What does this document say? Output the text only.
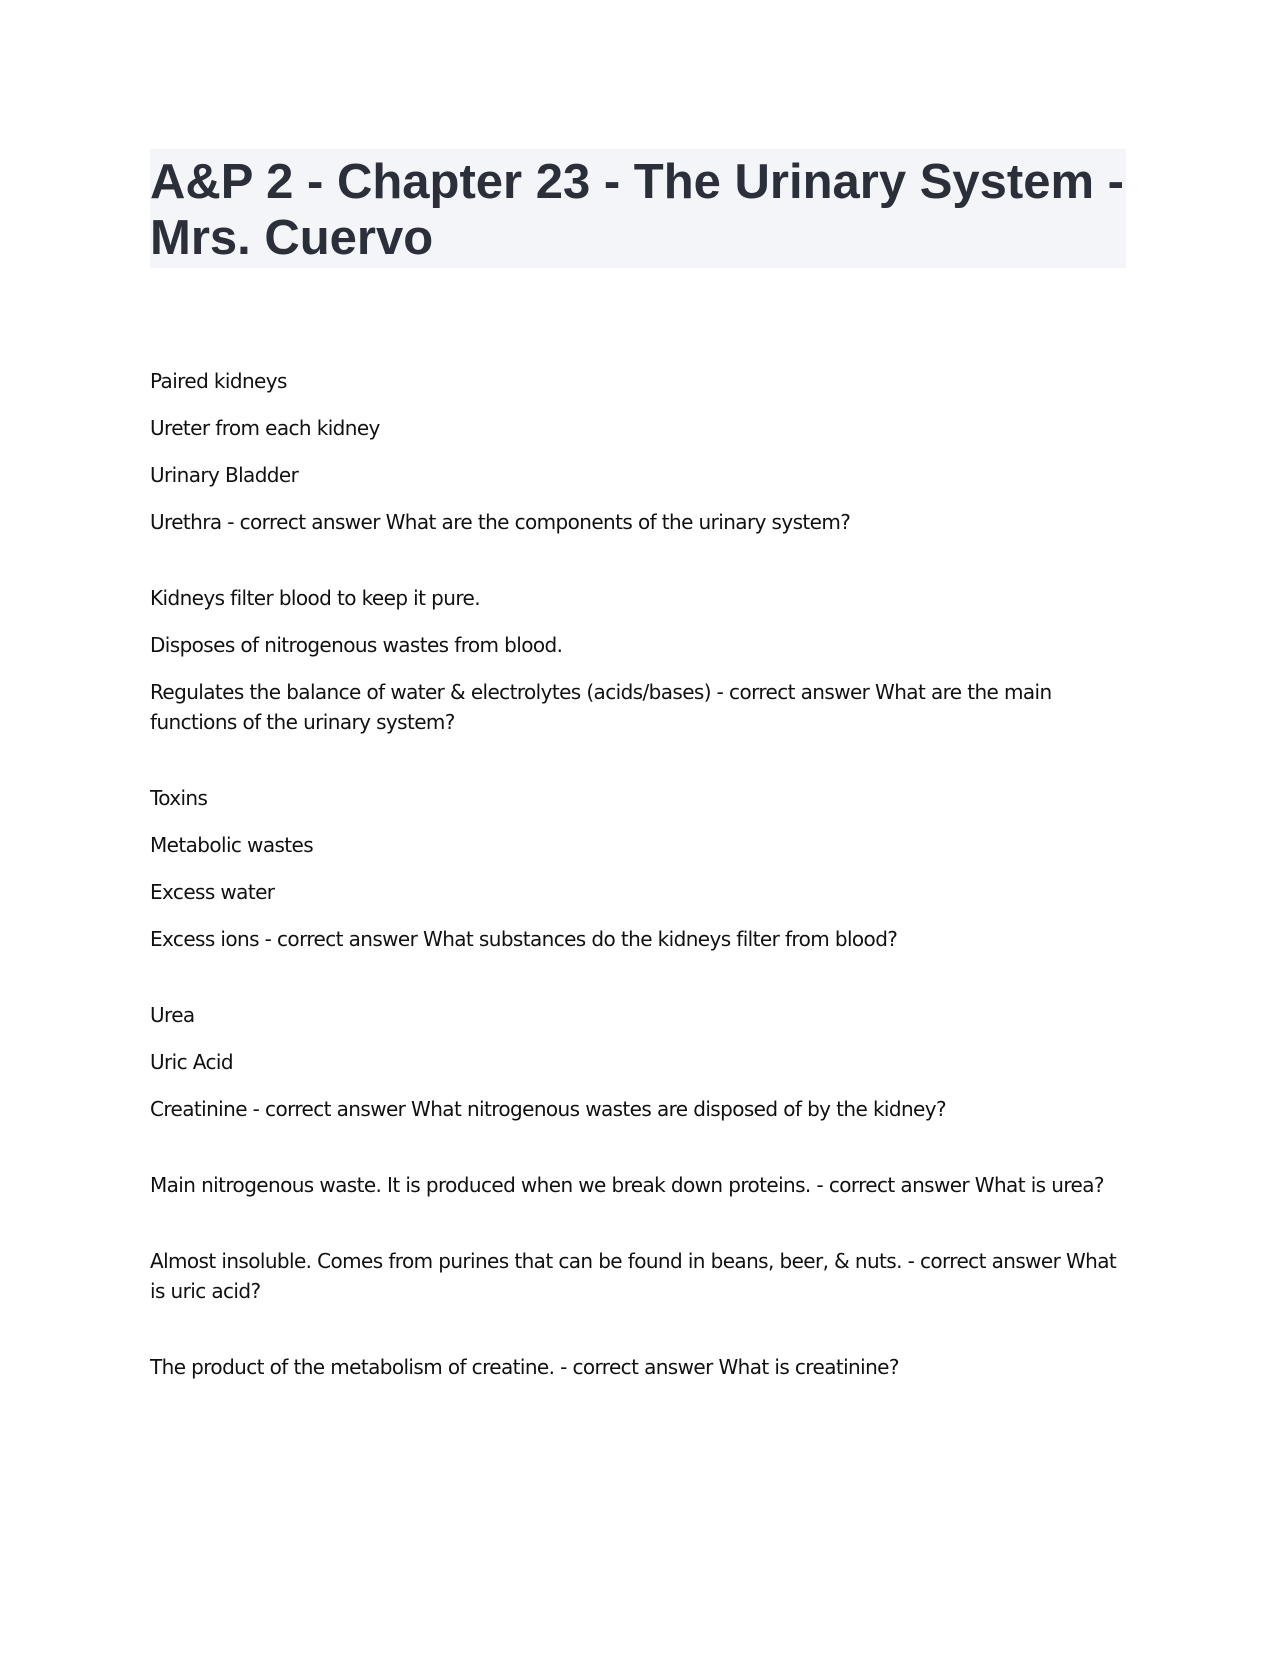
A&P 2 - Chapter 23 - The Urinary System - Mrs. Cuervo

Paired kidneys

Ureter from each kidney

Urinary Bladder

Urethra - correct answer What are the components of the urinary system?

Kidneys filter blood to keep it pure.

Disposes of nitrogenous wastes from blood.

Regulates the balance of water & electrolytes (acids/bases) - correct answer What are the main functions of the urinary system?

Toxins

Metabolic wastes

Excess water

Excess ions - correct answer What substances do the kidneys filter from blood?

Urea

Uric Acid

Creatinine - correct answer What nitrogenous wastes are disposed of by the kidney?

Main nitrogenous waste. It is produced when we break down proteins. - correct answer What is urea?

Almost insoluble. Comes from purines that can be found in beans, beer, & nuts. - correct answer What is uric acid?

The product of the metabolism of creatine. - correct answer What is creatinine?
